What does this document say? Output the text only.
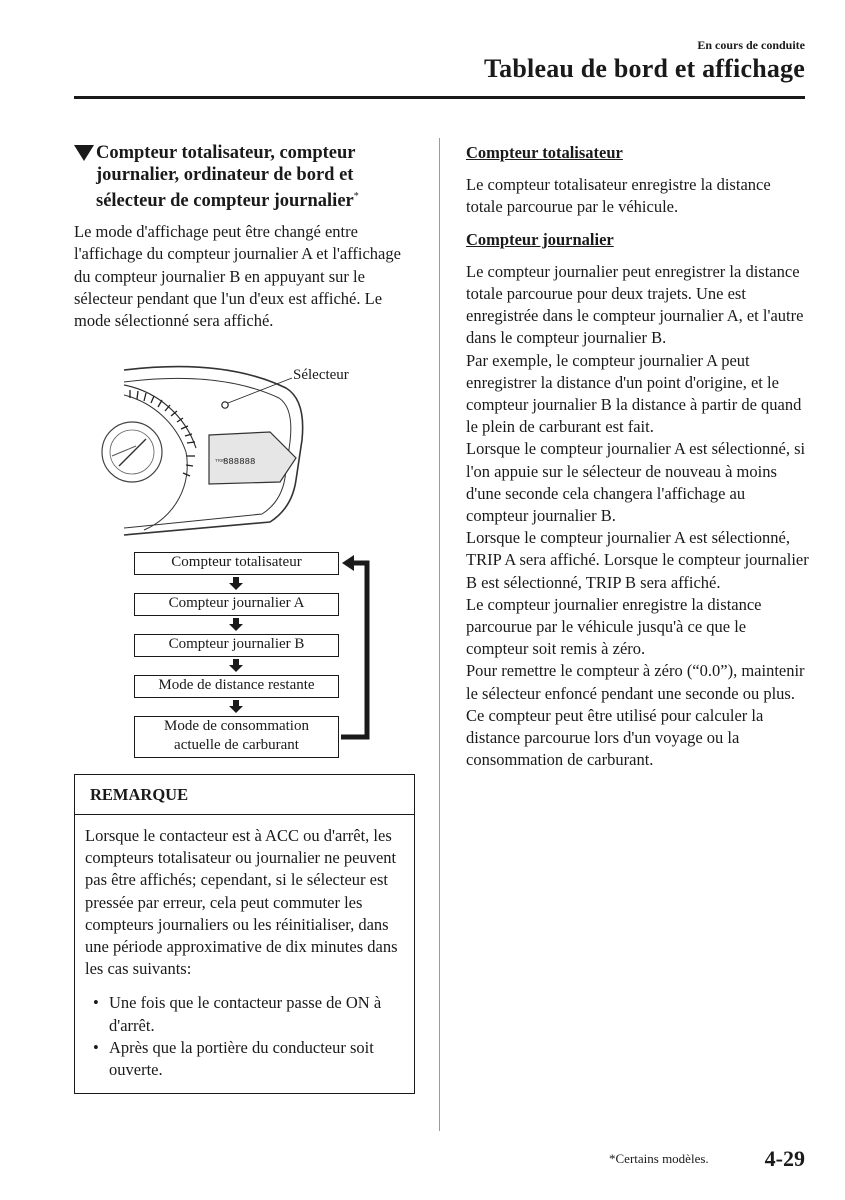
En cours de conduite
Tableau de bord et affichage
Compteur totalisateur, compteur
journalier, ordinateur de bord et
sélecteur de compteur journalier*
Le mode d'affichage peut être changé entre l'affichage du compteur journalier A et l'affichage du compteur journalier B en appuyant sur le sélecteur pendant que l'un d'eux est affiché. Le mode sélectionné sera affiché.
TRIP
888888
Sélecteur
Compteur totalisateur
Compteur journalier A
Compteur journalier B
Mode de distance restante
Mode de consommation
actuelle de carburant
REMARQUE
Lorsque le contacteur est à ACC ou d'arrêt, les compteurs totalisateur ou journalier ne peuvent pas être affichés; cependant, si le sélecteur est pressée par erreur, cela peut commuter les compteurs journaliers ou les réinitialiser, dans une période approximative de dix minutes dans les cas suivants:
• Une fois que le contacteur passe de ON à d'arrêt.
• Après que la portière du conducteur soit ouverte.
Compteur totalisateur
Le compteur totalisateur enregistre la distance totale parcourue par le véhicule.
Compteur journalier
Le compteur journalier peut enregistrer la distance totale parcourue pour deux trajets. Une est enregistrée dans le compteur journalier A, et l'autre dans le compteur journalier B.
Par exemple, le compteur journalier A peut enregistrer la distance d'un point d'origine, et le compteur journalier B la distance à partir de quand le plein de carburant est fait.
Lorsque le compteur journalier A est sélectionné, si l'on appuie sur le sélecteur de nouveau à moins d'une seconde cela changera l'affichage au compteur journalier B.
Lorsque le compteur journalier A est sélectionné, TRIP A sera affiché. Lorsque le compteur journalier B est sélectionné, TRIP B sera affiché.
Le compteur journalier enregistre la distance parcourue par le véhicule jusqu'à ce que le compteur soit remis à zéro.
Pour remettre le compteur à zéro (“0.0”), maintenir le sélecteur enfoncé pendant une seconde ou plus. Ce compteur peut être utilisé pour calculer la distance parcourue lors d'un voyage ou la consommation de carburant.
*Certains modèles.	4-29
